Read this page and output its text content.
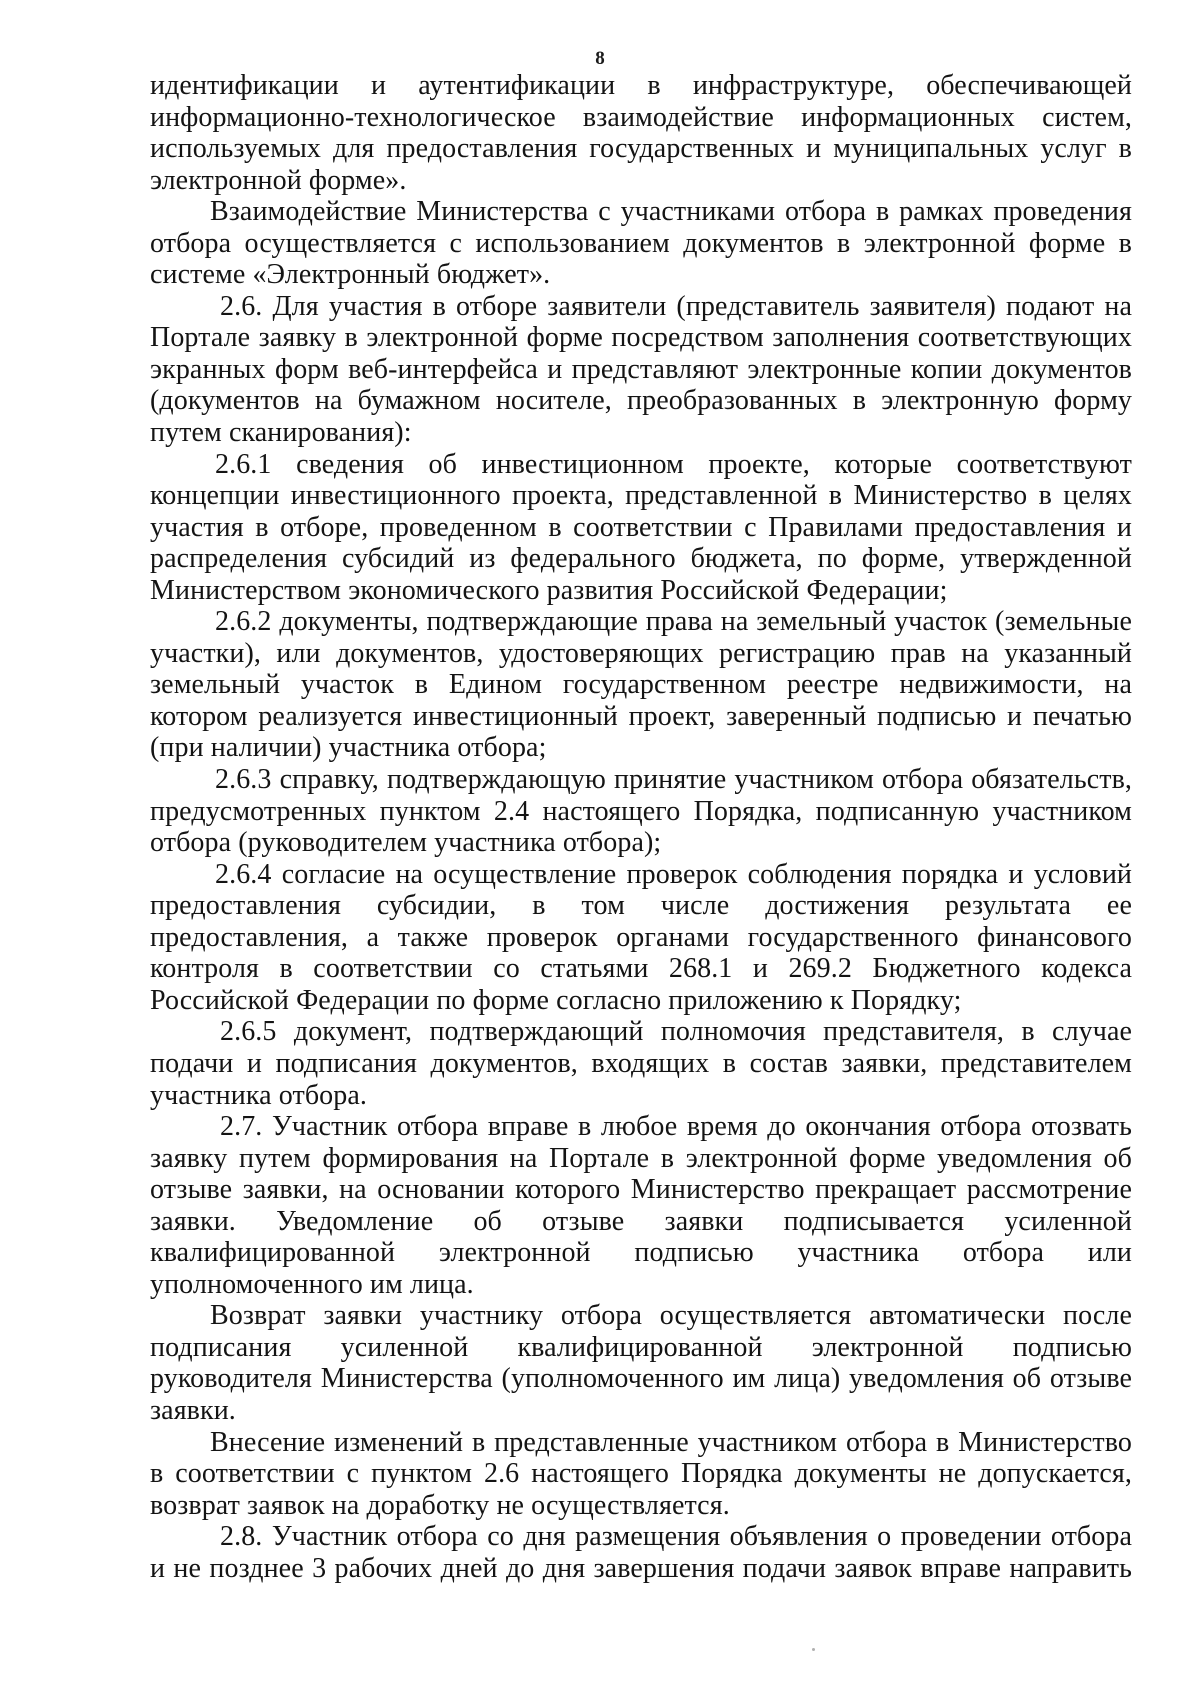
8

идентификации и аутентификации в инфраструктуре, обеспечивающей информационно-технологическое взаимодействие информационных систем, используемых для предоставления государственных и муниципальных услуг в электронной форме».

Взаимодействие Министерства с участниками отбора в рамках проведения отбора осуществляется с использованием документов в электронной форме в системе «Электронный бюджет».

2.6. Для участия в отборе заявители (представитель заявителя) подают на Портале заявку в электронной форме посредством заполнения соответствующих экранных форм веб-интерфейса и представляют электронные копии документов (документов на бумажном носителе, преобразованных в электронную форму путем сканирования):

2.6.1 сведения об инвестиционном проекте, которые соответствуют концепции инвестиционного проекта, представленной в Министерство в целях участия в отборе, проведенном в соответствии с Правилами предоставления и распределения субсидий из федерального бюджета, по форме, утвержденной Министерством экономического развития Российской Федерации;

2.6.2 документы, подтверждающие права на земельный участок (земельные участки), или документов, удостоверяющих регистрацию прав на указанный земельный участок в Едином государственном реестре недвижимости, на котором реализуется инвестиционный проект, заверенный подписью и печатью (при наличии) участника отбора;

2.6.3 справку, подтверждающую принятие участником отбора обязательств, предусмотренных пунктом 2.4 настоящего Порядка, подписанную участником отбора (руководителем участника отбора);

2.6.4 согласие на осуществление проверок соблюдения порядка и условий предоставления субсидии, в том числе достижения результата ее предоставления, а также проверок органами государственного финансового контроля в соответствии со статьями 268.1 и 269.2 Бюджетного кодекса Российской Федерации по форме согласно приложению к Порядку;

2.6.5 документ, подтверждающий полномочия представителя, в случае подачи и подписания документов, входящих в состав заявки, представителем участника отбора.

2.7. Участник отбора вправе в любое время до окончания отбора отозвать заявку путем формирования на Портале в электронной форме уведомления об отзыве заявки, на основании которого Министерство прекращает рассмотрение заявки. Уведомление об отзыве заявки подписывается усиленной квалифицированной электронной подписью участника отбора или уполномоченного им лица.

Возврат заявки участнику отбора осуществляется автоматически после подписания усиленной квалифицированной электронной подписью руководителя Министерства (уполномоченного им лица) уведомления об отзыве заявки.

Внесение изменений в представленные участником отбора в Министерство в соответствии с пунктом 2.6 настоящего Порядка документы не допускается, возврат заявок на доработку не осуществляется.

2.8. Участник отбора со дня размещения объявления о проведении отбора и не позднее 3 рабочих дней до дня завершения подачи заявок вправе направить
